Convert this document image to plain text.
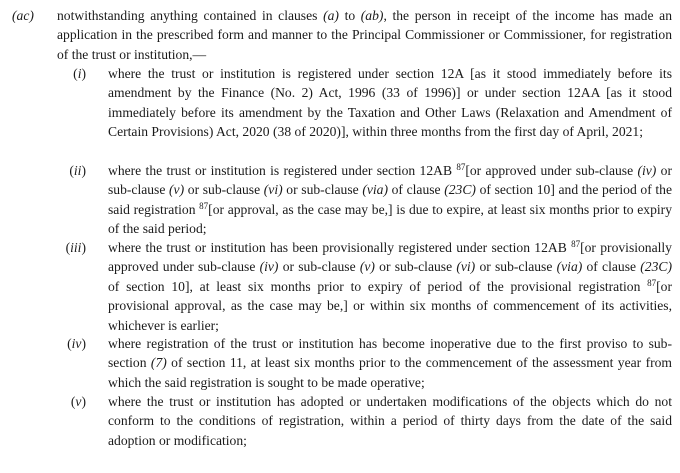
(ac) notwithstanding anything contained in clauses (a) to (ab), the person in receipt of the income has made an application in the prescribed form and manner to the Principal Commissioner or Commissioner, for registration of the trust or institution,—
(i) where the trust or institution is registered under section 12A [as it stood immediately before its amendment by the Finance (No. 2) Act, 1996 (33 of 1996)] or under section 12AA [as it stood immediately before its amendment by the Taxation and Other Laws (Relaxation and Amendment of Certain Provisions) Act, 2020 (38 of 2020)], within three months from the first day of April, 2021;
(ii) where the trust or institution is registered under section 12AB $^{87}$[or approved under sub-clause (iv) or sub-clause (v) or sub-clause (vi) or sub-clause (via) of clause (23C) of section 10] and the period of the said registration $^{87}$[or approval, as the case may be,] is due to expire, at least six months prior to expiry of the said period;
(iii) where the trust or institution has been provisionally registered under section 12AB $^{87}$[or provisionally approved under sub-clause (iv) or sub-clause (v) or sub-clause (vi) or sub-clause (via) of clause (23C) of section 10], at least six months prior to expiry of period of the provisional registration $^{87}$[or provisional approval, as the case may be,] or within six months of commencement of its activities, whichever is earlier;
(iv) where registration of the trust or institution has become inoperative due to the first proviso to sub-section (7) of section 11, at least six months prior to the commencement of the assessment year from which the said registration is sought to be made operative;
(v) where the trust or institution has adopted or undertaken modifications of the objects which do not conform to the conditions of registration, within a period of thirty days from the date of the said adoption or modification;
